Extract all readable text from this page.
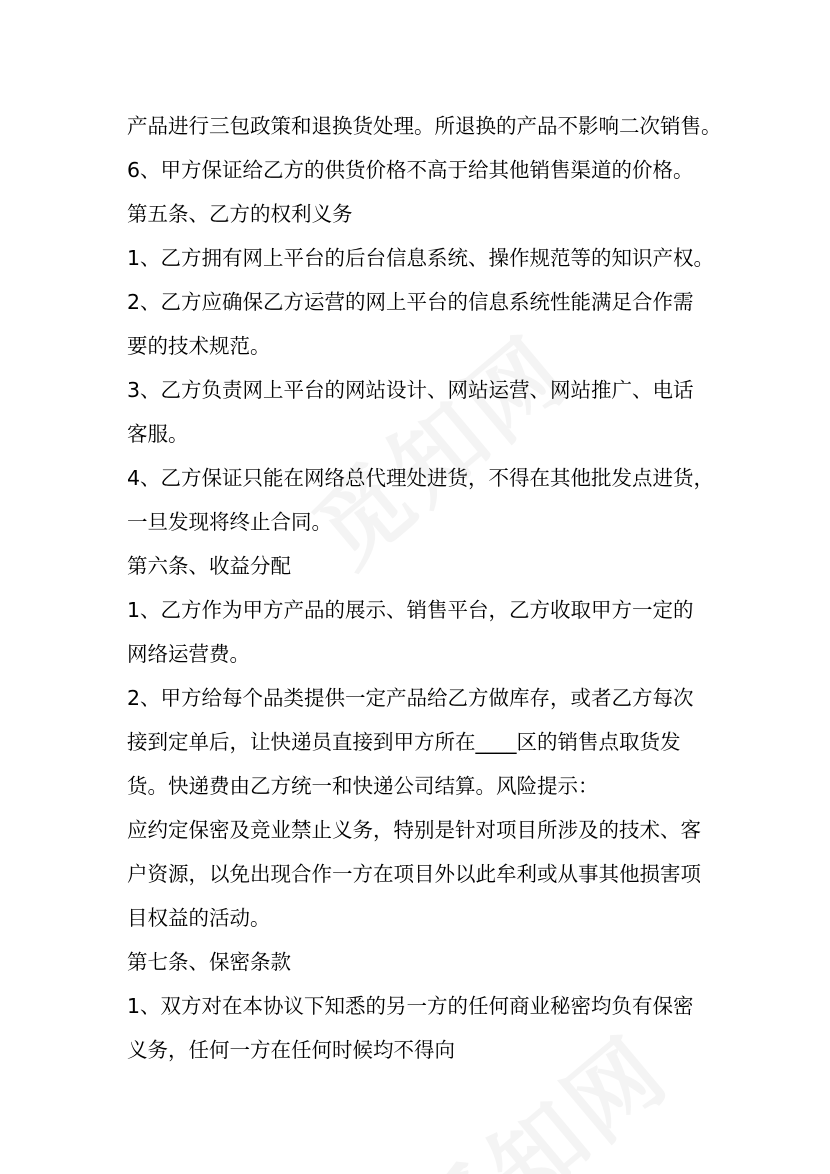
产品进行三包政策和退换货处理。所退换的产品不影响二次销售。
6、甲方保证给乙方的供货价格不高于给其他销售渠道的价格。
第五条、乙方的权利义务
1、乙方拥有网上平台的后台信息系统、操作规范等的知识产权。
2、乙方应确保乙方运营的网上平台的信息系统性能满足合作需
要的技术规范。
3、乙方负责网上平台的网站设计、网站运营、网站推广、电话
客服。
4、乙方保证只能在网络总代理处进货，不得在其他批发点进货，
一旦发现将终止合同。
第六条、收益分配
1、乙方作为甲方产品的展示、销售平台，乙方收取甲方一定的
网络运营费。
2、甲方给每个品类提供一定产品给乙方做库存，或者乙方每次
接到定单后，让快递员直接到甲方所在____区的销售点取货发
货。快递费由乙方统一和快递公司结算。风险提示：
应约定保密及竞业禁止义务，特别是针对项目所涉及的技术、客
户资源，以免出现合作一方在项目外以此牟利或从事其他损害项
目权益的活动。
第七条、保密条款
1、双方对在本协议下知悉的另一方的任何商业秘密均负有保密
义务，任何一方在任何时候均不得向
